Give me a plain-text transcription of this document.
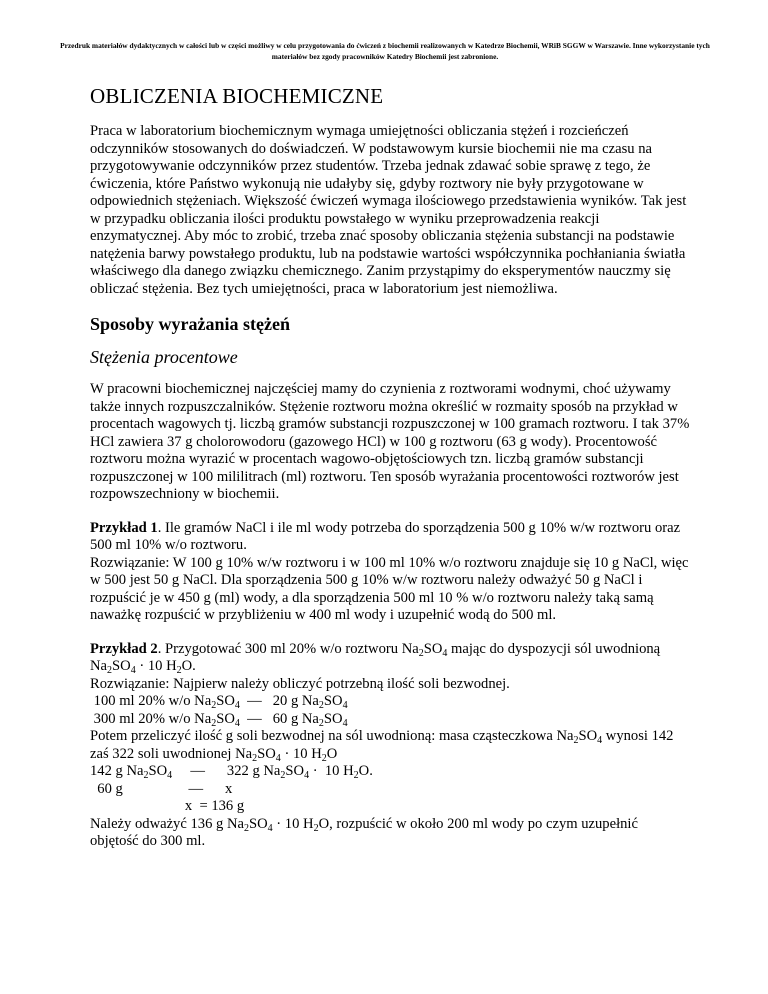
Przedruk materiałów dydaktycznych w całości lub w części możliwy w celu przygotowania do ćwiczeń z biochemii realizowanych w Katedrze Biochemii, WRiB SGGW w Warszawie. Inne wykorzystanie tych materiałów bez zgody pracowników Katedry Biochemii jest zabronione.
OBLICZENIA BIOCHEMICZNE

Praca w laboratorium biochemicznym wymaga umiejętności obliczania stężeń i rozcieńczeń odczynników stosowanych do doświadczeń. W podstawowym kursie biochemii nie ma czasu na przygotowywanie odczynników przez studentów. Trzeba jednak zdawać sobie sprawę z tego, że ćwiczenia, które Państwo wykonują nie udałyby się, gdyby roztwory nie były przygotowane w odpowiednich stężeniach. Większość ćwiczeń wymaga ilościowego przedstawienia wyników. Tak jest w przypadku obliczania ilości produktu powstałego w wyniku przeprowadzenia reakcji enzymatycznej. Aby móc to zrobić, trzeba znać sposoby obliczania stężenia substancji na podstawie natężenia barwy powstałego produktu, lub na podstawie wartości współczynnika pochłaniania światła właściwego dla danego związku chemicznego. Zanim przystąpimy do eksperymentów nauczmy się obliczać stężenia. Bez tych umiejętności, praca w laboratorium jest niemożliwa.

Sposoby wyrażania stężeń
Stężenia procentowe

W pracowni biochemicznej najczęściej mamy do czynienia z roztworami wodnymi, choć używamy także innych rozpuszczalników. Stężenie roztworu można określić w rozmaity sposób na przykład w procentach wagowych tj. liczbą gramów substancji rozpuszczonej w 100 gramach roztworu. I tak 37% HCl zawiera 37 g cholorowodoru (gazowego HCl) w 100 g roztworu (63 g wody). Procentowość roztworu można wyrazić w procentach wagowo-objętościowych tzn. liczbą gramów substancji rozpuszczonej w 100 mililitrach (ml) roztworu. Ten sposób wyrażania procentowości roztworów jest rozpowszechniony w biochemii.

Przykład 1. Ile gramów NaCl i ile ml wody potrzeba do sporządzenia 500 g 10% w/w roztworu oraz 500 ml 10% w/o roztworu.

Rozwiązanie: W 100 g 10% w/w roztworu i w 100 ml 10% w/o roztworu znajduje się 10 g NaCl, więc w 500 jest 50 g NaCl. Dla sporządzenia 500 g 10% w/w roztworu należy odważyć 50 g NaCl i rozpuścić je w 450 g (ml) wody, a dla sporządzenia 500 ml 10 % w/o roztworu należy taką samą naważkę rozpuścić w przybliżeniu w 400 ml wody i uzupełnić wodą do 500 ml.

Przykład 2. Przygotować 300 ml 20% w/o roztworu $Na_2SO_4$ mając do dyspozycji sól uwodnioną $Na_2SO_4 \cdot 10$ $H_2O$.

Rozwiązanie: Najpierw należy obliczyć potrzebną ilość soli bezwodnej.

100 ml 20% w/o $Na_2SO_4$  —   20 g $Na_2SO_4$

300 ml 20% w/o $Na_2SO_4$  —   60 g $Na_2SO_4$

Potem przeliczyć ilość g soli bezwodnej na sól uwodnioną: masa cząsteczkowa $Na_2SO_4$ wynosi 142 zaś 322 soli uwodnionej $Na_2SO_4 \cdot 10$ $H_2O$

142 g $Na_2SO_4$     —      322 g $Na_2SO_4 \cdot 10$ $H_2O$.

60 g                  —      x

x  = 136 g

Należy odważyć 136 g $Na_2SO_4 \cdot 10$ $H_2O$, rozpuścić w około 200 ml wody po czym uzupełnić objętość do 300 ml.
